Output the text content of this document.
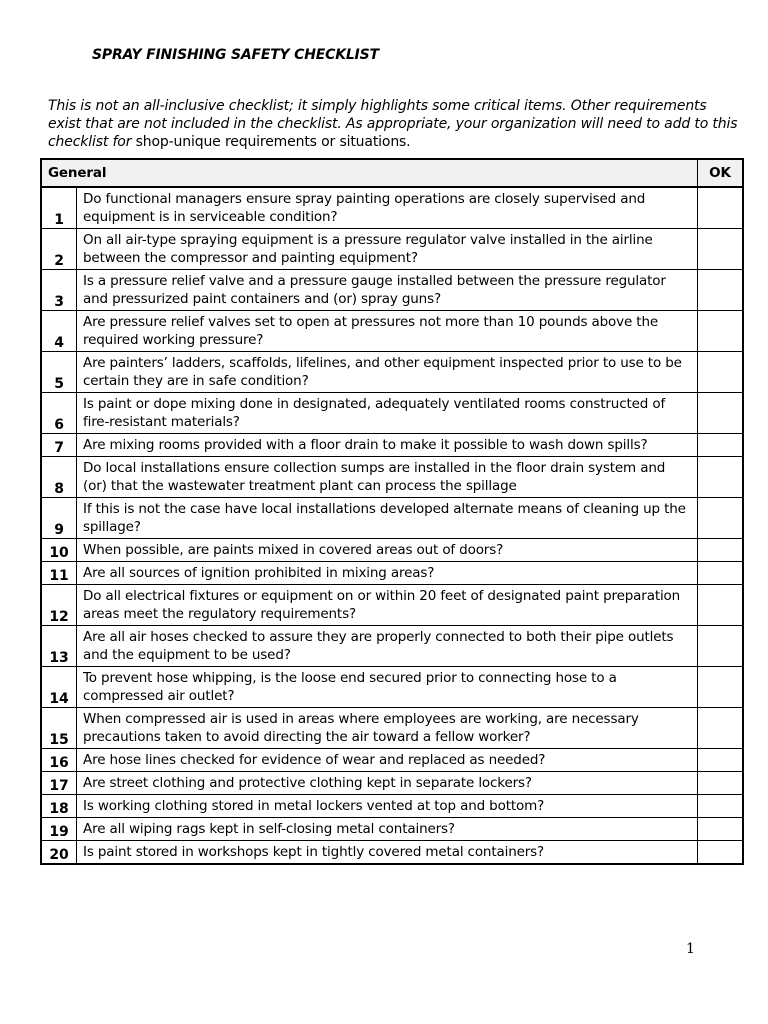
SPRAY FINISHING SAFETY CHECKLIST
This is not an all-inclusive checklist; it simply highlights some critical items. Other requirements exist that are not included in the checklist. As appropriate, your organization will need to add to this checklist for shop-unique requirements or situations.
General		OK
1	Do functional managers ensure spray painting operations are closely supervised and equipment is in serviceable condition?	
2	On all air-type spraying equipment is a pressure regulator valve installed in the airline between the compressor and painting equipment?	
3	Is a pressure relief valve and a pressure gauge installed between the pressure regulator and pressurized paint containers and (or) spray guns?	
4	Are pressure relief valves set to open at pressures not more than 10 pounds above the required working pressure?	
5	Are painters’ ladders, scaffolds, lifelines, and other equipment inspected prior to use to be certain they are in safe condition?	
6	Is paint or dope mixing done in designated, adequately ventilated rooms constructed of fire-resistant materials?	
7	Are mixing rooms provided with a floor drain to make it possible to wash down spills?	
8	Do local installations ensure collection sumps are installed in the floor drain system and (or) that the wastewater treatment plant can process the spillage	
9	If this is not the case have local installations developed alternate means of cleaning up the spillage?	
10	When possible, are paints mixed in covered areas out of doors?	
11	Are all sources of ignition prohibited in mixing areas?	
12	Do all electrical fixtures or equipment on or within 20 feet of designated paint preparation areas meet the regulatory requirements?	
13	Are all air hoses checked to assure they are properly connected to both their pipe outlets and the equipment to be used?	
14	To prevent hose whipping, is the loose end secured prior to connecting hose to a compressed air outlet?	
15	When compressed air is used in areas where employees are working, are necessary precautions taken to avoid directing the air toward a fellow worker?	
16	Are hose lines checked for evidence of wear and replaced as needed?	
17	Are street clothing and protective clothing kept in separate lockers?	
18	Is working clothing stored in metal lockers vented at top and bottom?	
19	Are all wiping rags kept in self-closing metal containers?	
20	Is paint stored in workshops kept in tightly covered metal containers?	
1
